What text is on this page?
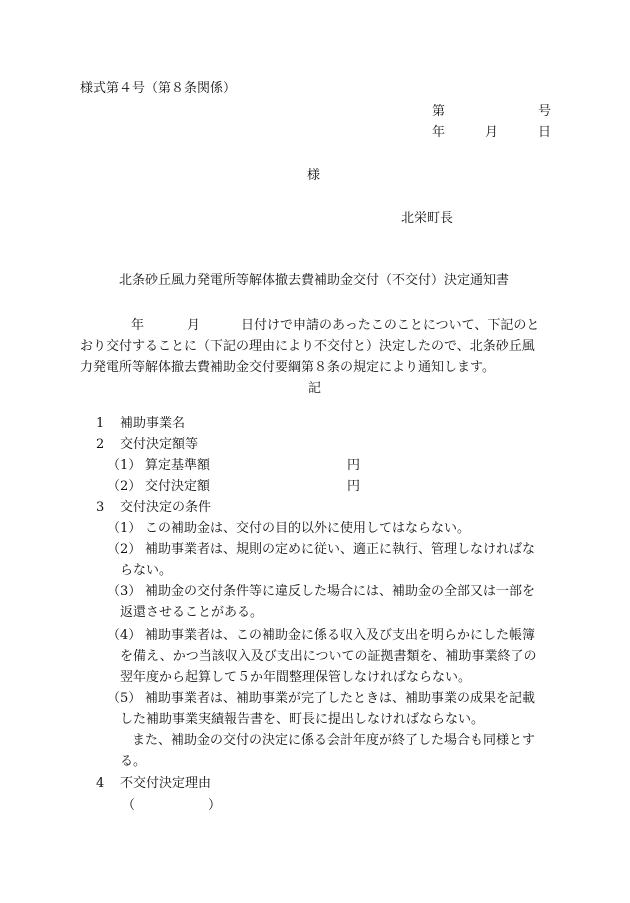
様式第４号（第８条関係）
第	号
年	月	日
様
北栄町長
北条砂丘風力発電所等解体撤去費補助金交付（不交付）決定通知書
年	月	日付けで申請のあったこのことについて、下記のと
おり交付することに（下記の理由により不交付と）決定したので、北条砂丘風
力発電所等解体撤去費補助金交付要綱第８条の規定により通知します。
記
1 補助事業名
2 交付決定額等
（1） 算定基準額	円
（2） 交付決定額	円
3 交付決定の条件
（1） この補助金は、交付の目的以外に使用してはならない。
（2） 補助事業者は、規則の定めに従い、適正に執行、管理しなければな
らない。
（3） 補助金の交付条件等に違反した場合には、補助金の全部又は一部を
返還させることがある。
（4） 補助事業者は、この補助金に係る収入及び支出を明らかにした帳簿
を備え、かつ当該収入及び支出についての証拠書類を、補助事業終了の
翌年度から起算して５か年間整理保管しなければならない。
（5） 補助事業者は、補助事業が完了したときは、補助事業の成果を記載
した補助事業実績報告書を、町長に提出しなければならない。
また、補助金の交付の決定に係る会計年度が終了した場合も同様とす
る。
4 不交付決定理由
（	）
